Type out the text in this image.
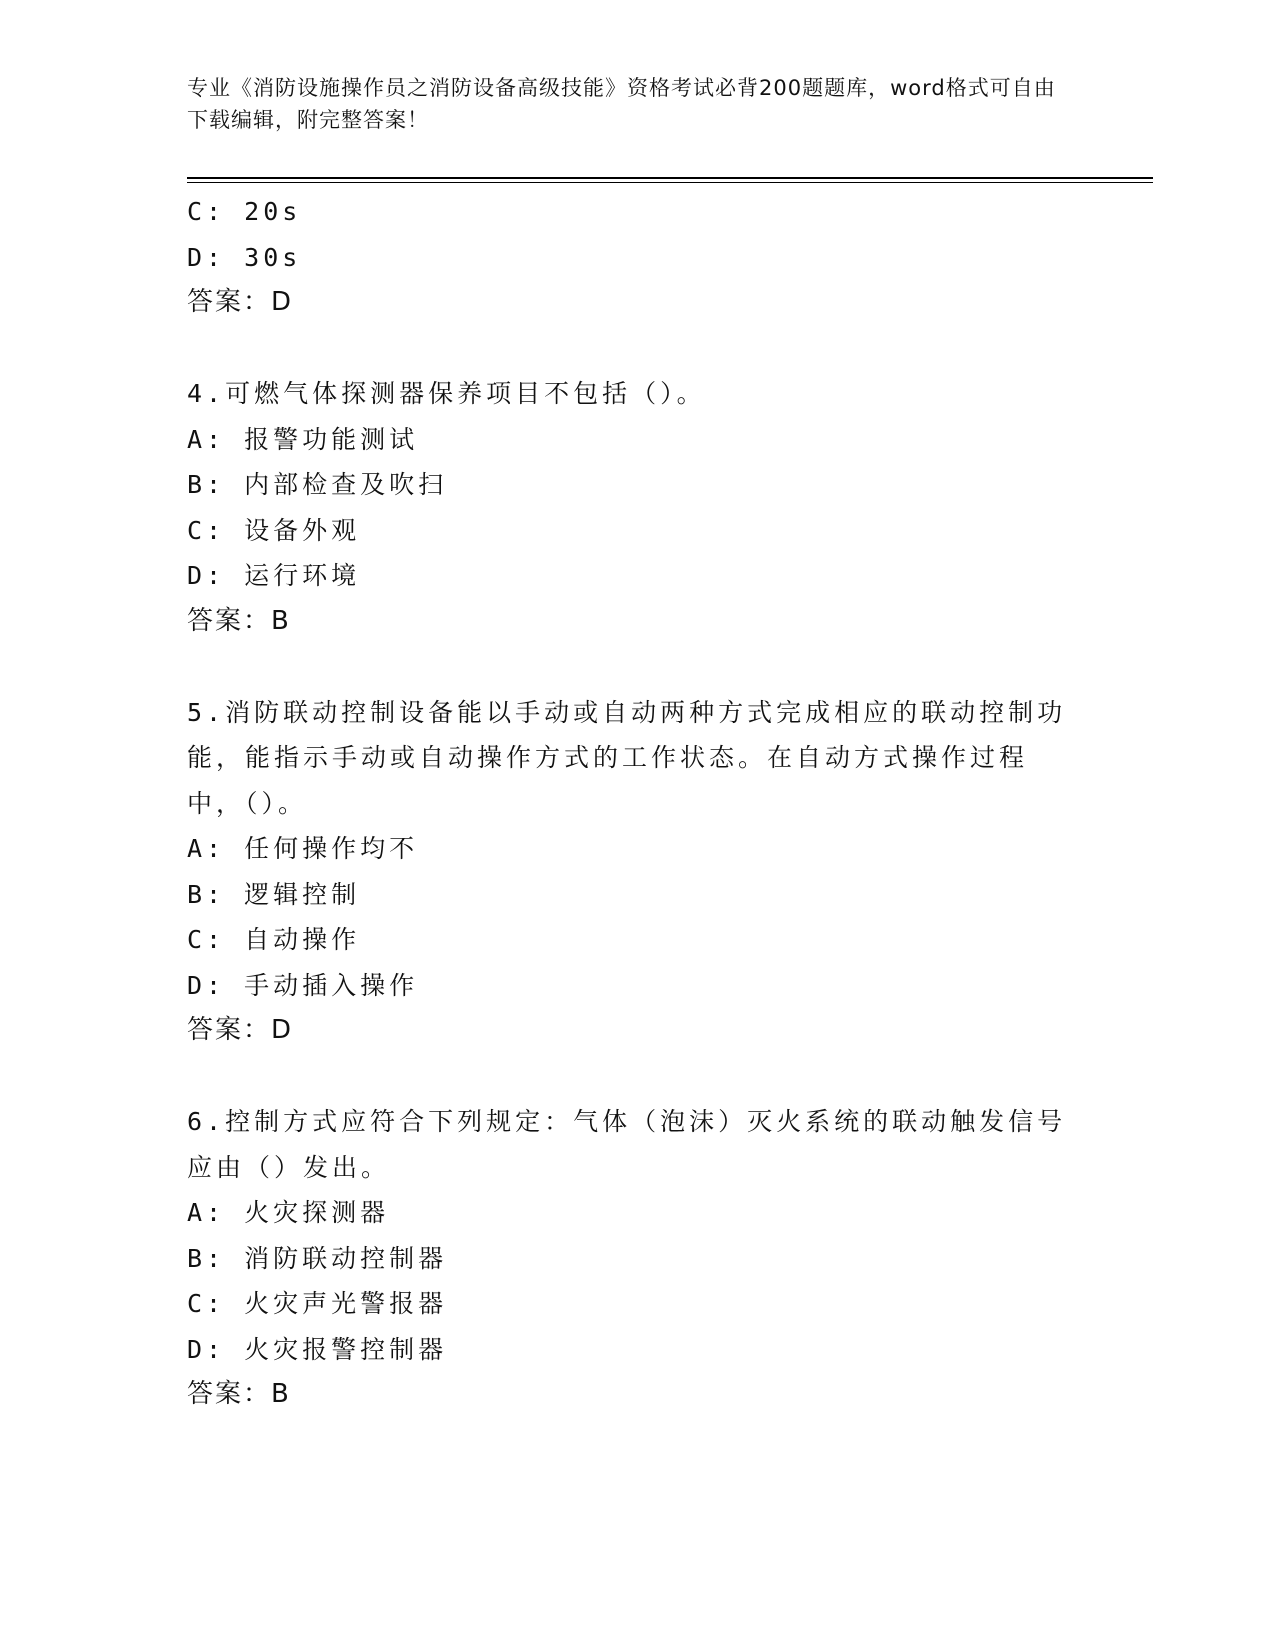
专业《消防设施操作员之消防设备高级技能》资格考试必背200题题库，word格式可自由下载编辑，附完整答案！
C: 20s
D: 30s
答案：D
4.可燃气体探测器保养项目不包括（）。
A: 报警功能测试
B: 内部检查及吹扫
C: 设备外观
D: 运行环境
答案：B
5.消防联动控制设备能以手动或自动两种方式完成相应的联动控制功能，能指示手动或自动操作方式的工作状态。在自动方式操作过程中，（）。
A: 任何操作均不
B: 逻辑控制
C: 自动操作
D: 手动插入操作
答案：D
6.控制方式应符合下列规定：气体（泡沫）灭火系统的联动触发信号应由（）发出。
A: 火灾探测器
B: 消防联动控制器
C: 火灾声光警报器
D: 火灾报警控制器
答案：B
